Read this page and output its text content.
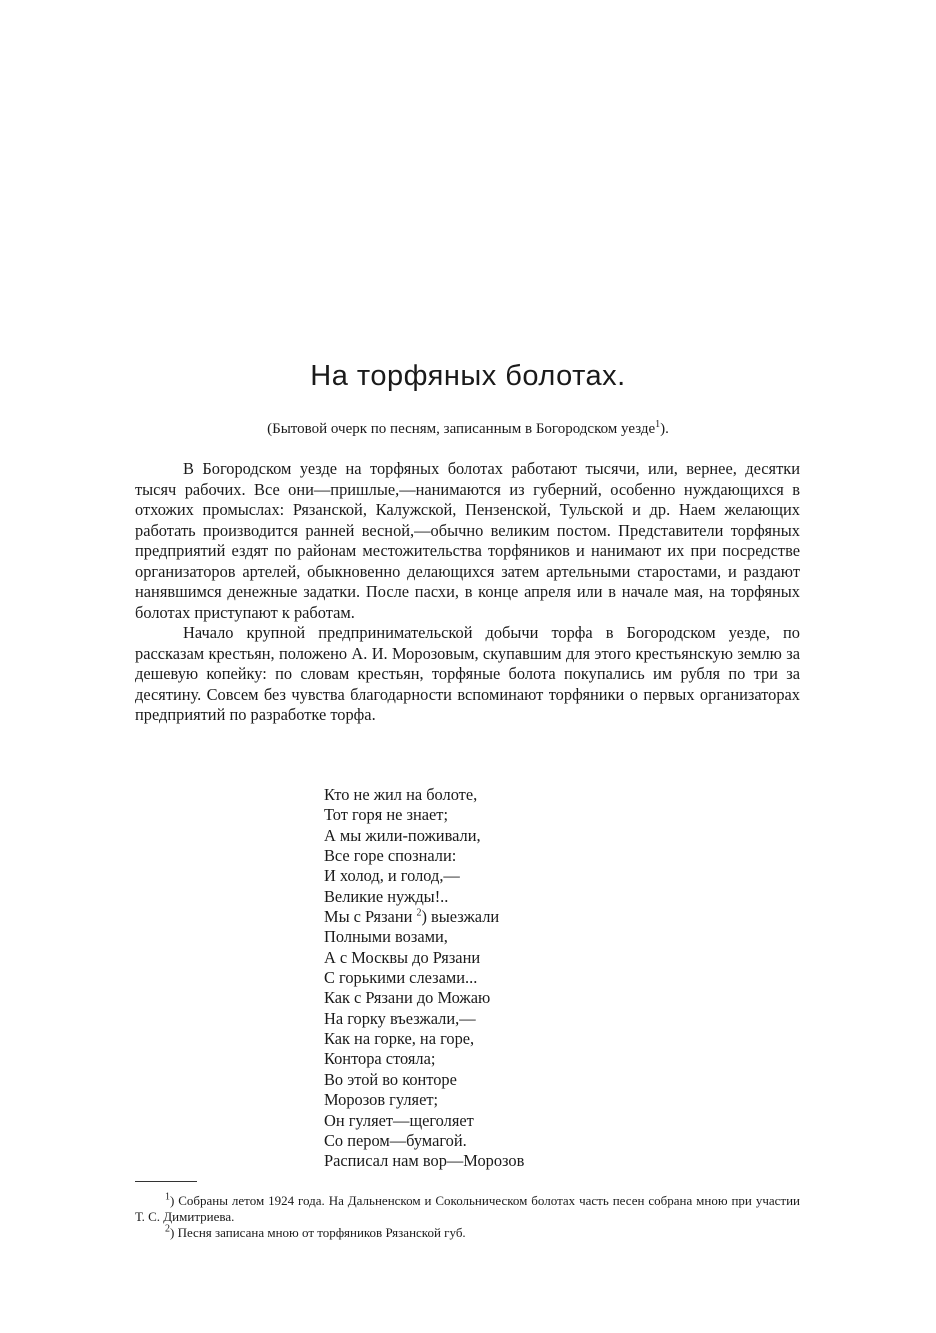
На торфяных болотах.

(Бытовой очерк по песням, записанным в Богородском уезде$^1$).

В Богородском уезде на торфяных болотах работают тысячи, или, вернее, десятки тысяч рабочих. Все они—пришлые,—нанимаются из губерний, особенно нуждающихся в отхожих промыслах: Рязанской, Калужской, Пензенской, Тульской и др. Наем желающих работать производится ранней весной,—обычно великим постом. Представители торфяных предприятий ездят по районам местожительства торфяников и нанимают их при посредстве организаторов артелей, обыкновенно делающихся затем артельными старостами, и раздают нанявшимся денежные задатки. После пасхи, в конце апреля или в начале мая, на торфяных болотах приступают к работам.

Начало крупной предпринимательской добычи торфа в Богородском уезде, по рассказам крестьян, положено А. И. Морозовым, скупавшим для этого крестьянскую землю за дешевую копейку: по словам крестьян, торфяные болота покупались им рубля по три за десятину. Совсем без чувства благодарности вспоминают торфяники о первых организаторах предприятий по разработке торфа.

Кто не жил на болоте,
Тот горя не знает;
А мы жили-поживали,
Все горе спознали:
И холод, и голод,—
Великие нужды!..
Мы с Рязани $^2$) выезжали
Полными возами,
А с Москвы до Рязани
С горькими слезами...
Как с Рязани до Можаю
На горку въезжали,—
Как на горке, на горе,
Контора стояла;
Во этой во конторе
Морозов гуляет;
Он гуляет—щеголяет
Со пером—бумагой.
Расписал нам вор—Морозов

$^1$) Собраны летом 1924 года. На Дальненском и Сокольническом болотах часть песен собрана мною при участии Т. С. Димитриева.

$^2$) Песня записана мною от торфяников Рязанской губ.
